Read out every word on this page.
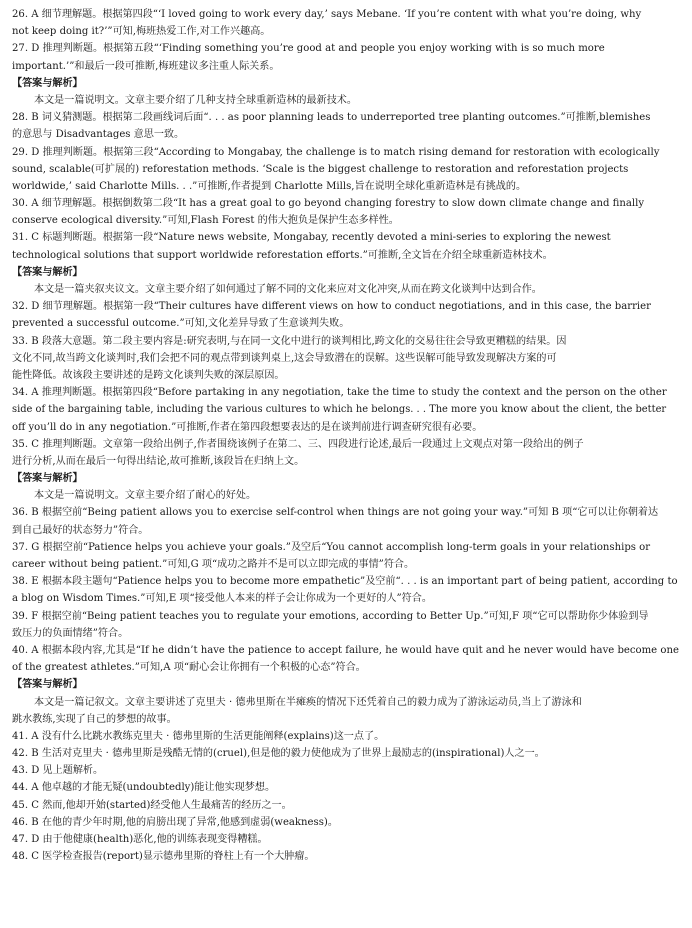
26. A 细节理解题。根据第四段“‘I loved going to work every day,’ says Mebane. ‘If you’re content with what you’re doing, why
not keep doing it?’”可知,梅班热爱工作,对工作兴趣高。
27. D 推理判断题。根据第五段“‘Finding something you’re good at and people you enjoy working with is so much more
important.’”和最后一段可推断,梅班建议多注重人际关系。
【答案与解析】
本文是一篇说明文。文章主要介绍了几种支持全球重新造林的最新技术。
28. B 词义猜测题。根据第二段画线词后面“. . . as poor planning leads to underreported tree planting outcomes.”可推断,blemishes
的意思与 Disadvantages 意思一致。
29. D 推理判断题。根据第三段“According to Mongabay, the challenge is to match rising demand for restoration with ecologically
sound, scalable(可扩展的) reforestation methods. ‘Scale is the biggest challenge to restoration and reforestation projects
worldwide,’ said Charlotte Mills. . .”可推断,作者提到 Charlotte Mills,旨在说明全球化重新造林是有挑战的。
30. A 细节理解题。根据倒数第二段“It has a great goal to go beyond changing forestry to slow down climate change and finally
conserve ecological diversity.”可知,Flash Forest 的伟大抱负是保护生态多样性。
31. C 标题判断题。根据第一段“Nature news website, Mongabay, recently devoted a mini-series to exploring the newest
technological solutions that support worldwide reforestation efforts.”可推断,全文旨在介绍全球重新造林技术。
【答案与解析】
本文是一篇夹叙夹议文。文章主要介绍了如何通过了解不同的文化来应对文化冲突,从而在跨文化谈判中达到合作。
32. D 细节理解题。根据第一段“Their cultures have different views on how to conduct negotiations, and in this case, the barrier
prevented a successful outcome.”可知,文化差异导致了生意谈判失败。
33. B 段落大意题。第二段主要内容是:研究表明,与在同一文化中进行的谈判相比,跨文化的交易往往会导致更糟糕的结果。因
文化不同,故当跨文化谈判时,我们会把不同的观点带到谈判桌上,这会导致潜在的误解。这些误解可能导致发现解决方案的可
能性降低。故该段主要讲述的是跨文化谈判失败的深层原因。
34. A 推理判断题。根据第四段“Before partaking in any negotiation, take the time to study the context and the person on the other
side of the bargaining table, including the various cultures to which he belongs. . . The more you know about the client, the better
off you’ll do in any negotiation.”可推断,作者在第四段想要表达的是在谈判前进行调查研究很有必要。
35. C 推理判断题。文章第一段给出例子,作者围绕该例子在第二、三、四段进行论述,最后一段通过上文观点对第一段给出的例子
进行分析,从而在最后一句得出结论,故可推断,该段旨在归纳上文。
【答案与解析】
本文是一篇说明文。文章主要介绍了耐心的好处。
36. B 根据空前“Being patient allows you to exercise self-control when things are not going your way.”可知 B 项“它可以让你朝着达
到自己最好的状态努力”符合。
37. G 根据空前“Patience helps you achieve your goals.”及空后“You cannot accomplish long-term goals in your relationships or
career without being patient.”可知,G 项“成功之路并不是可以立即完成的事情”符合。
38. E 根据本段主题句“Patience helps you to become more empathetic”及空前“. . . is an important part of being patient, according to
a blog on Wisdom Times.”可知,E 项“接受他人本来的样子会让你成为一个更好的人”符合。
39. F 根据空前“Being patient teaches you to regulate your emotions, according to Better Up.”可知,F 项“它可以帮助你少体验到导
致压力的负面情绪”符合。
40. A 根据本段内容,尤其是“If he didn’t have the patience to accept failure, he would have quit and he never would have become one
of the greatest athletes.”可知,A 项“耐心会让你拥有一个积极的心态”符合。
【答案与解析】
本文是一篇记叙文。文章主要讲述了克里夫 · 德弗里斯在半瘫痪的情况下还凭着自己的毅力成为了游泳运动员,当上了游泳和
跳水教练,实现了自己的梦想的故事。
41. A 没有什么比跳水教练克里夫 · 德弗里斯的生活更能阐释(explains)这一点了。
42. B 生活对克里夫 · 德弗里斯是残酷无情的(cruel),但是他的毅力使他成为了世界上最励志的(inspirational)人之一。
43. D 见上题解析。
44. A 他卓越的才能无疑(undoubtedly)能让他实现梦想。
45. C 然而,他却开始(started)经受他人生最痛苦的经历之一。
46. B 在他的青少年时期,他的肩膀出现了异常,他感到虚弱(weakness)。
47. D 由于他健康(health)恶化,他的训练表现变得糟糕。
48. C 医学检查报告(report)显示德弗里斯的脊柱上有一个大肿瘤。
